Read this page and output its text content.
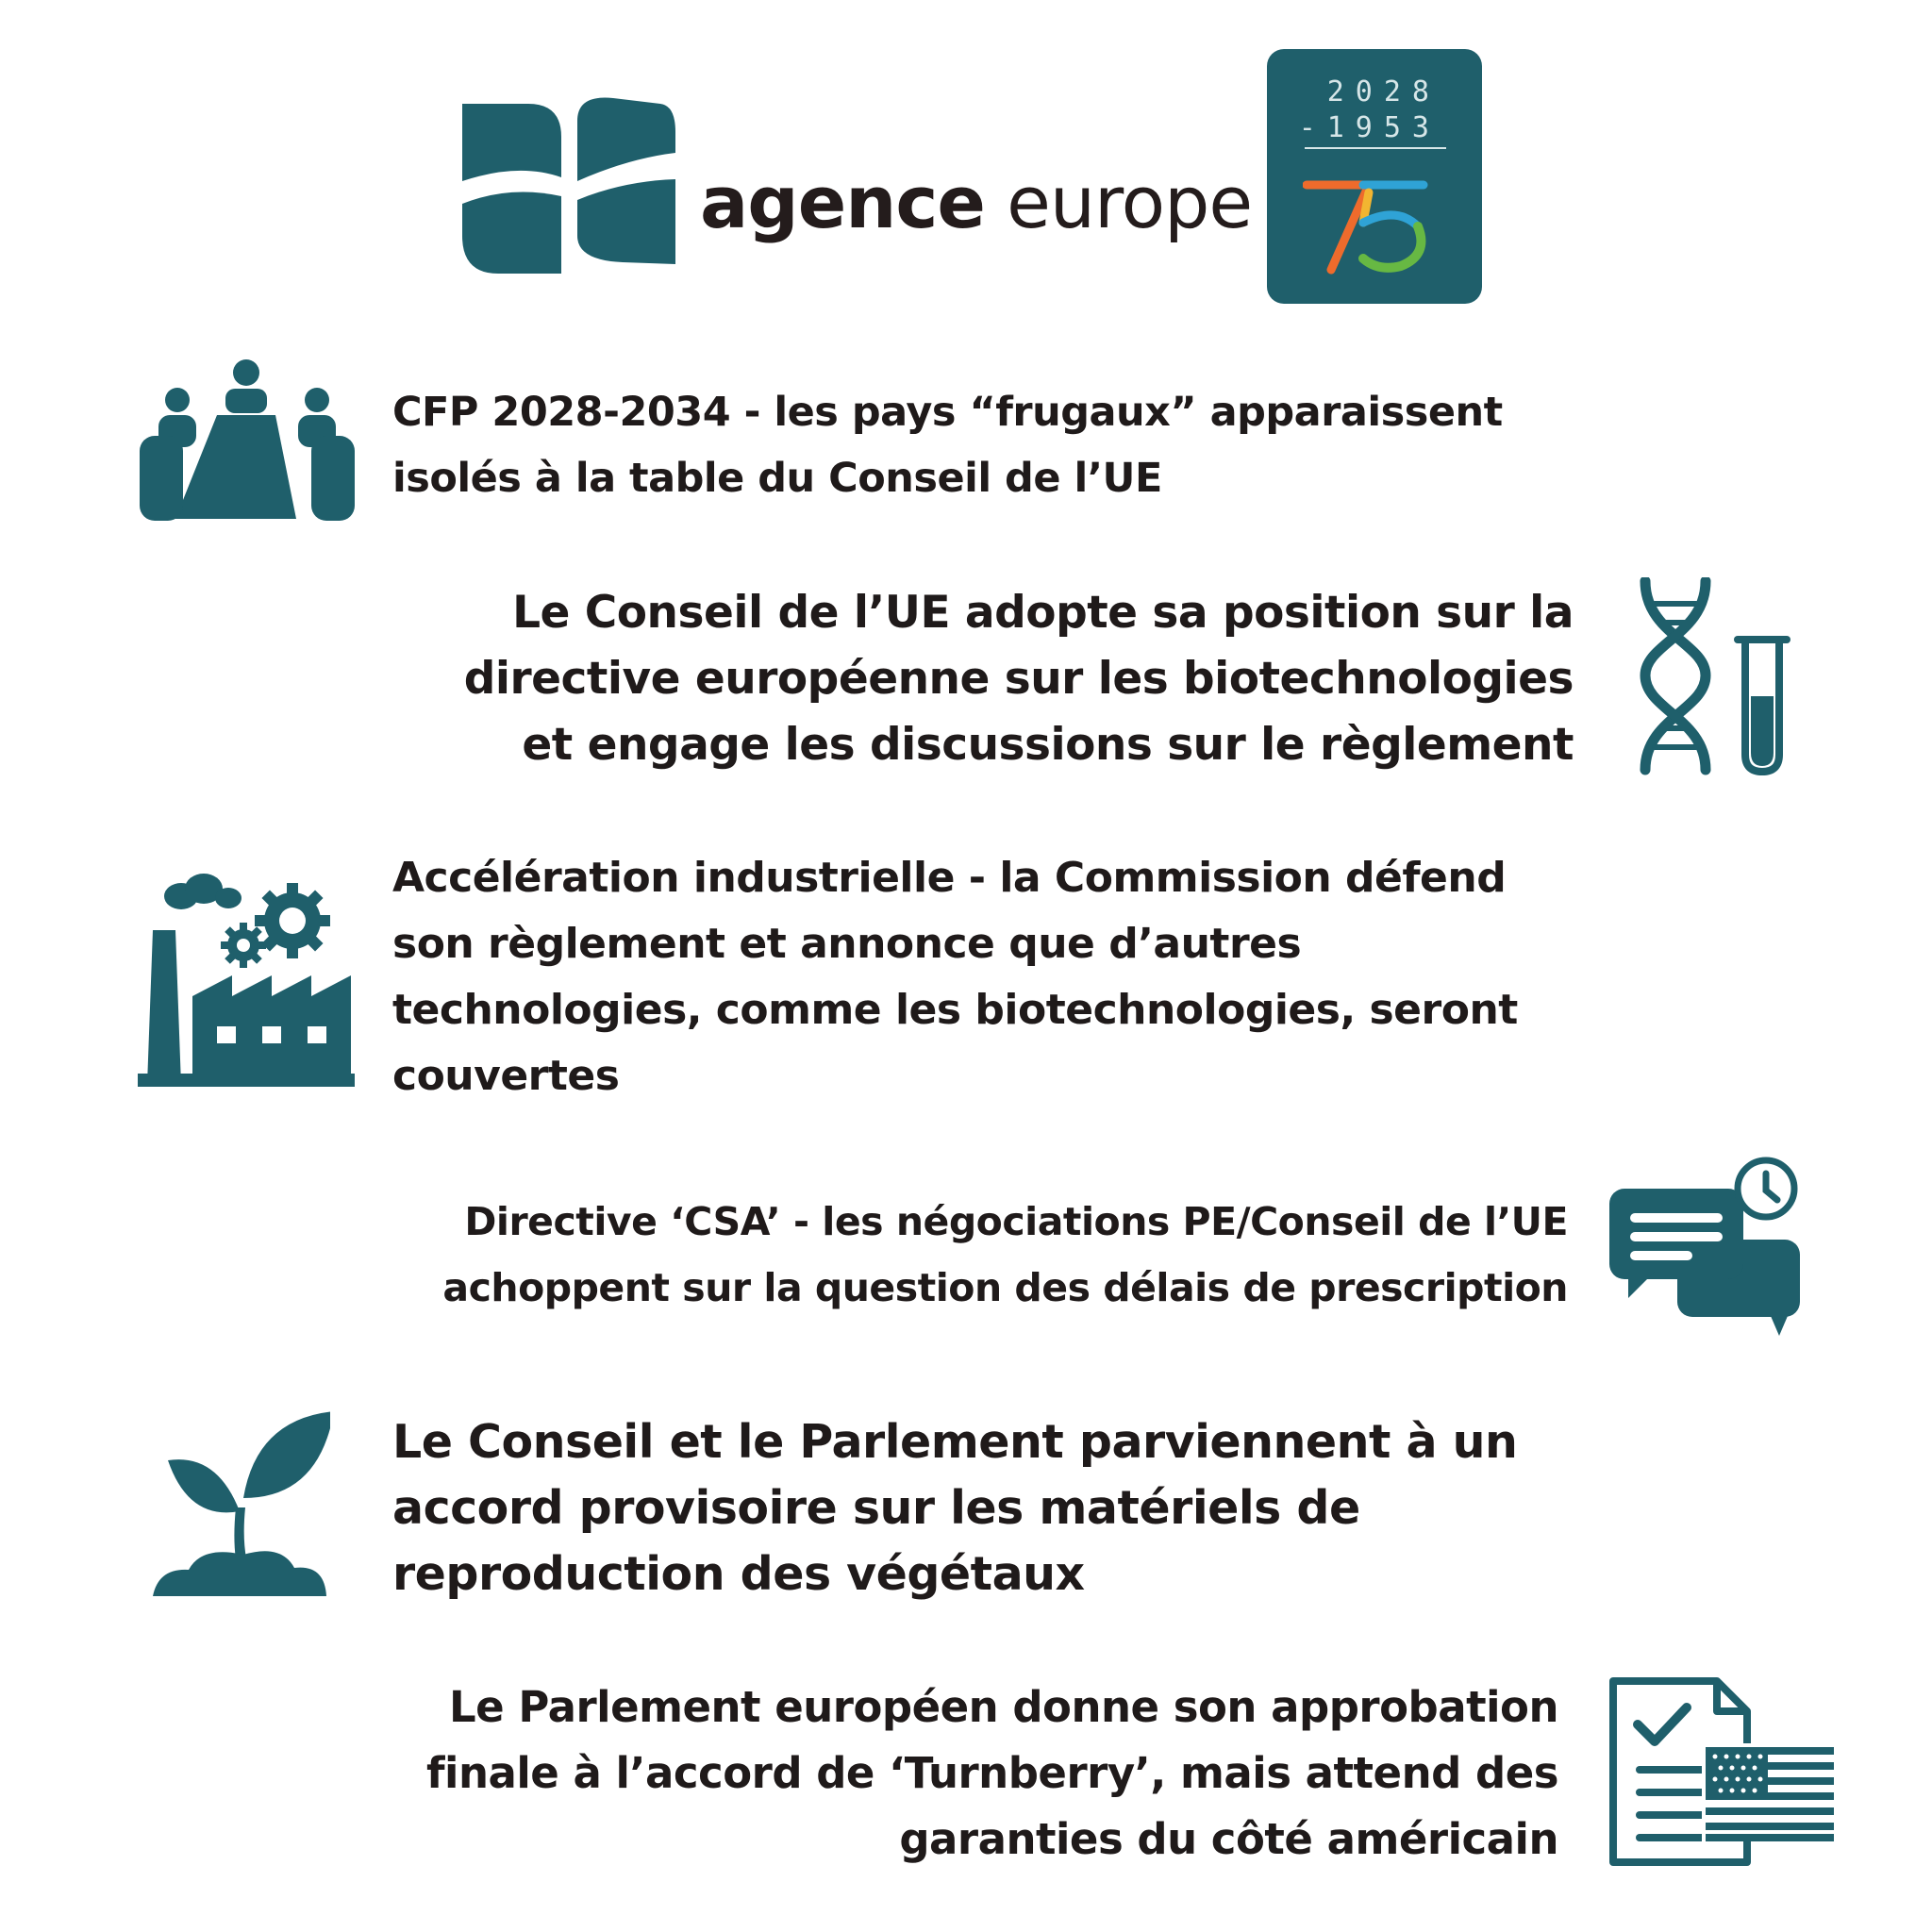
agence europe
2028
-1953
CFP 2028-2034 - les pays “frugaux” apparaissent
isolés à la table du Conseil de l’UE
Le Conseil de l’UE adopte sa position sur la
directive européenne sur les biotechnologies
et engage les discussions sur le règlement
Accélération industrielle - la Commission défend
son règlement et annonce que d’autres
technologies, comme les biotechnologies, seront
couvertes
Directive ‘CSA’ - les négociations PE/Conseil de l’UE
achoppent sur la question des délais de prescription
Le Conseil et le Parlement parviennent à un
accord provisoire sur les matériels de
reproduction des végétaux
Le Parlement européen donne son approbation
finale à l’accord de ‘Turnberry’, mais attend des
garanties du côté américain
